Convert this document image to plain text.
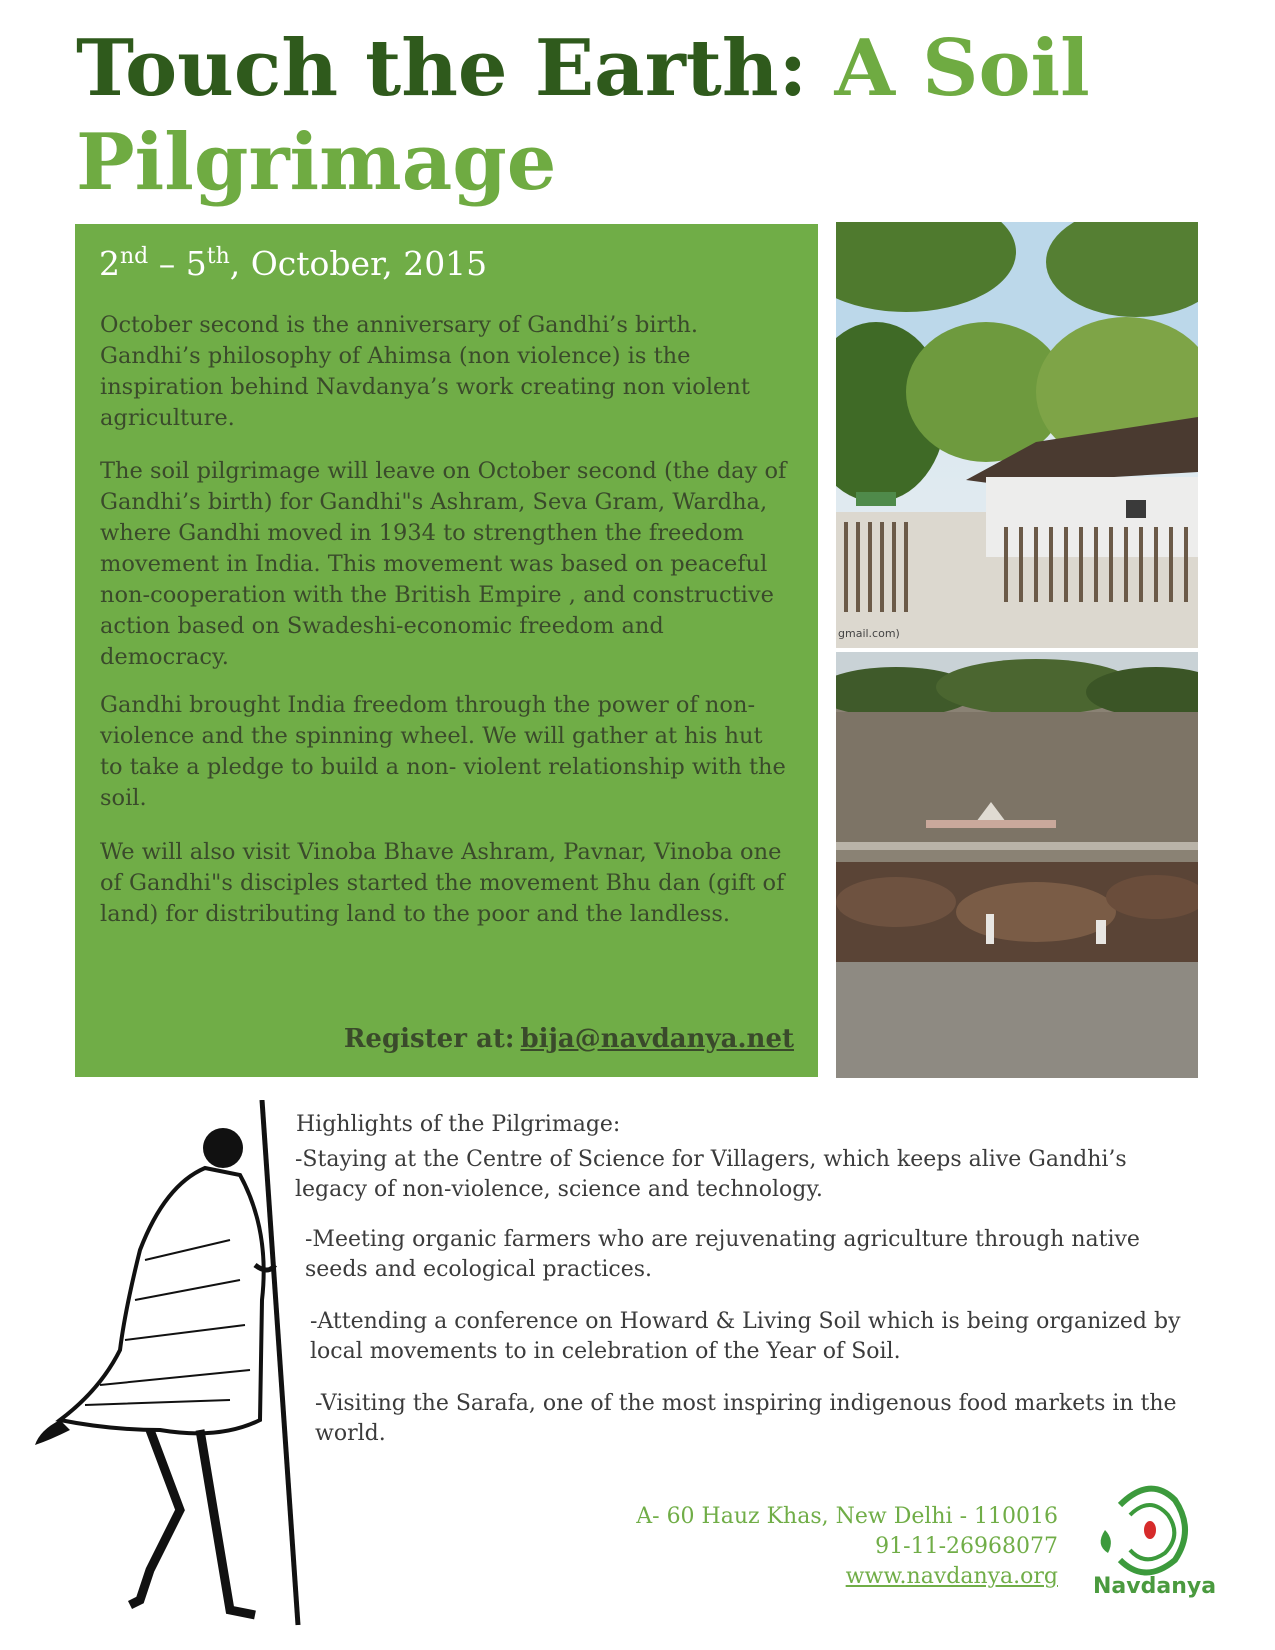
Touch the Earth: A Soil Pilgrimage

2nd – 5th, October, 2015

October second is the anniversary of Gandhi’s birth. Gandhi’s philosophy of Ahimsa (non violence) is the inspiration behind Navdanya’s work creating non violent agriculture.

The soil pilgrimage will leave on October second (the day of Gandhi’s birth) for Gandhi"s Ashram, Seva Gram, Wardha, where Gandhi moved in 1934 to strengthen the freedom movement in India. This movement was based on peaceful non-cooperation with the British Empire , and constructive action based on Swadeshi-economic freedom and democracy.

Gandhi brought India freedom through the power of non-violence and the spinning wheel. We will gather at his hut to take a pledge to build a non- violent relationship with the soil.

We will also visit Vinoba Bhave Ashram, Pavnar, Vinoba one of Gandhi"s disciples started the movement Bhu dan (gift of land) for distributing land to the poor and the landless.

Register at: bija@navdanya.net

gmail.com)

Highlights of the Pilgrimage:

-Staying at the Centre of Science for Villagers, which keeps alive Gandhi’s legacy of non-violence, science and technology.

-Meeting organic farmers who are rejuvenating agriculture through native seeds and ecological practices.

-Attending a conference on Howard & Living Soil which is being organized by local movements to in celebration of the Year of Soil.

-Visiting the Sarafa, one of the most inspiring indigenous food markets in the world.

A- 60 Hauz Khas, New Delhi - 110016
91-11-26968077
www.navdanya.org Navdanya
